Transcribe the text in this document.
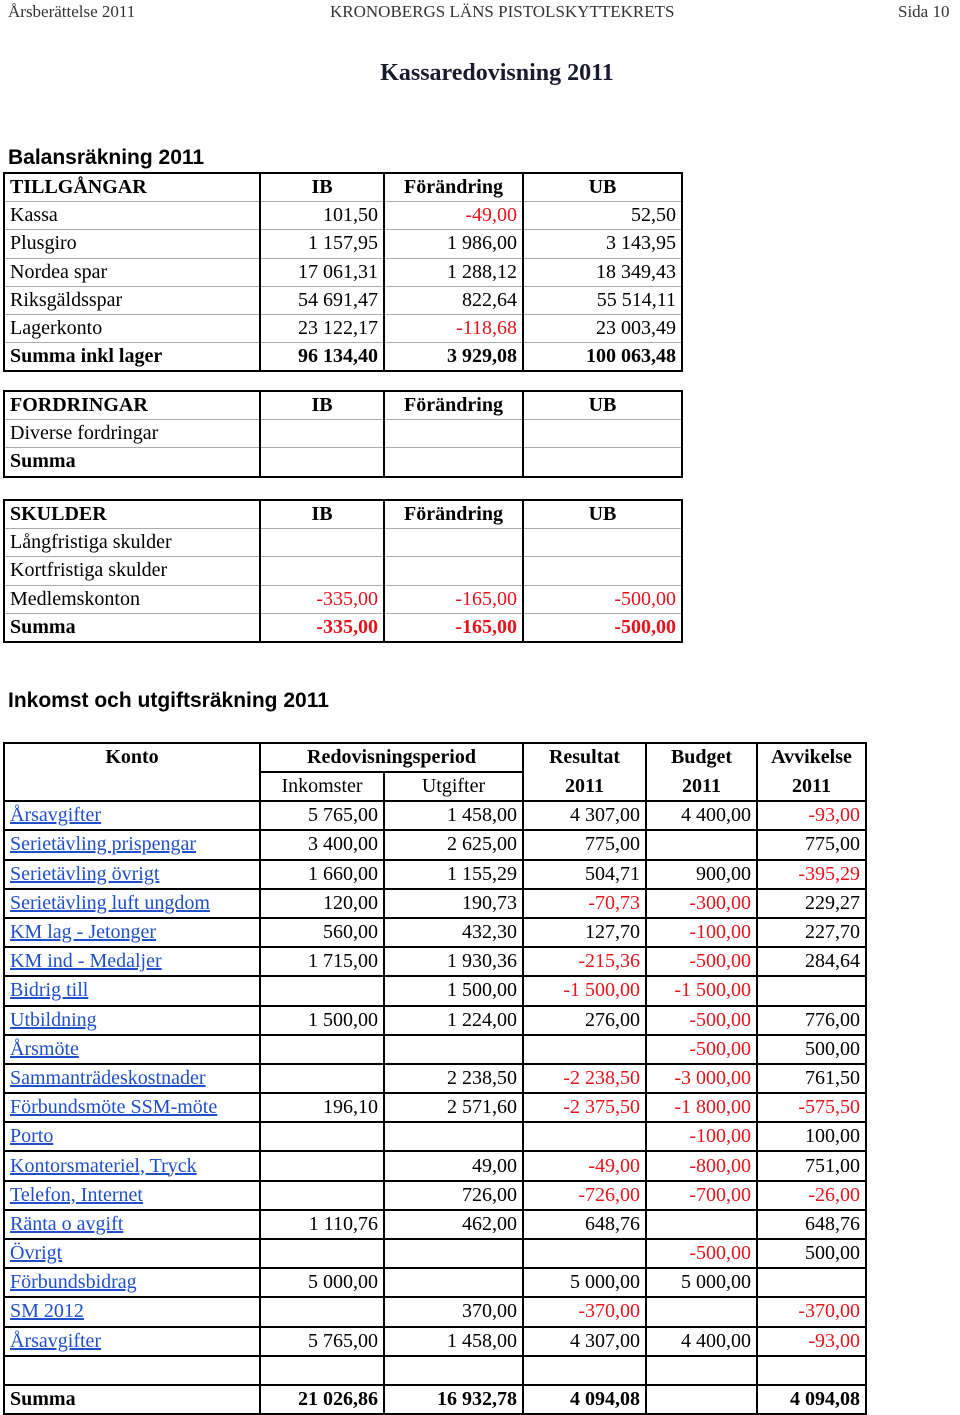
Årsberättelse 2011	KRONOBERGS LÄNS PISTOLSKYTTEKRETS	Sida 10
Kassaredovisning 2011
Balansräkning 2011
TILLGÅNGAR	IB	Förändring	UB
Kassa	101,50	-49,00	52,50
Plusgiro	1 157,95	1 986,00	3 143,95
Nordea spar	17 061,31	1 288,12	18 349,43
Riksgäldsspar	54 691,47	822,64	55 514,11
Lagerkonto	23 122,17	-118,68	23 003,49
Summa inkl lager	96 134,40	3 929,08	100 063,48
FORDRINGAR	IB	Förändring	UB
Diverse fordringar			
Summa			
SKULDER	IB	Förändring	UB
Långfristiga skulder			
Kortfristiga skulder			
Medlemskonton	-335,00	-165,00	-500,00
Summa	-335,00	-165,00	-500,00
Inkomst och utgiftsräkning 2011
Konto	Redovisningsperiod		Resultat	Budget	Avvikelse
	Inkomster	Utgifter	2011	2011	2011
Årsavgifter	5 765,00	1 458,00	4 307,00	4 400,00	-93,00
Serietävling prispengar	3 400,00	2 625,00	775,00		775,00
Serietävling övrigt	1 660,00	1 155,29	504,71	900,00	-395,29
Serietävling luft ungdom	120,00	190,73	-70,73	-300,00	229,27
KM lag - Jetonger	560,00	432,30	127,70	-100,00	227,70
KM ind - Medaljer	1 715,00	1 930,36	-215,36	-500,00	284,64
Bidrig till		1 500,00	-1 500,00	-1 500,00	
Utbildning	1 500,00	1 224,00	276,00	-500,00	776,00
Årsmöte				-500,00	500,00
Sammanträdeskostnader		2 238,50	-2 238,50	-3 000,00	761,50
Förbundsmöte SSM-möte	196,10	2 571,60	-2 375,50	-1 800,00	-575,50
Porto				-100,00	100,00
Kontorsmateriel, Tryck		49,00	-49,00	-800,00	751,00
Telefon, Internet		726,00	-726,00	-700,00	-26,00
Ränta o avgift	1 110,76	462,00	648,76		648,76
Övrigt				-500,00	500,00
Förbundsbidrag	5 000,00		5 000,00	5 000,00	
SM 2012		370,00	-370,00		-370,00
Årsavgifter	5 765,00	1 458,00	4 307,00	4 400,00	-93,00

Summa	21 026,86	16 932,78	4 094,08		4 094,08
